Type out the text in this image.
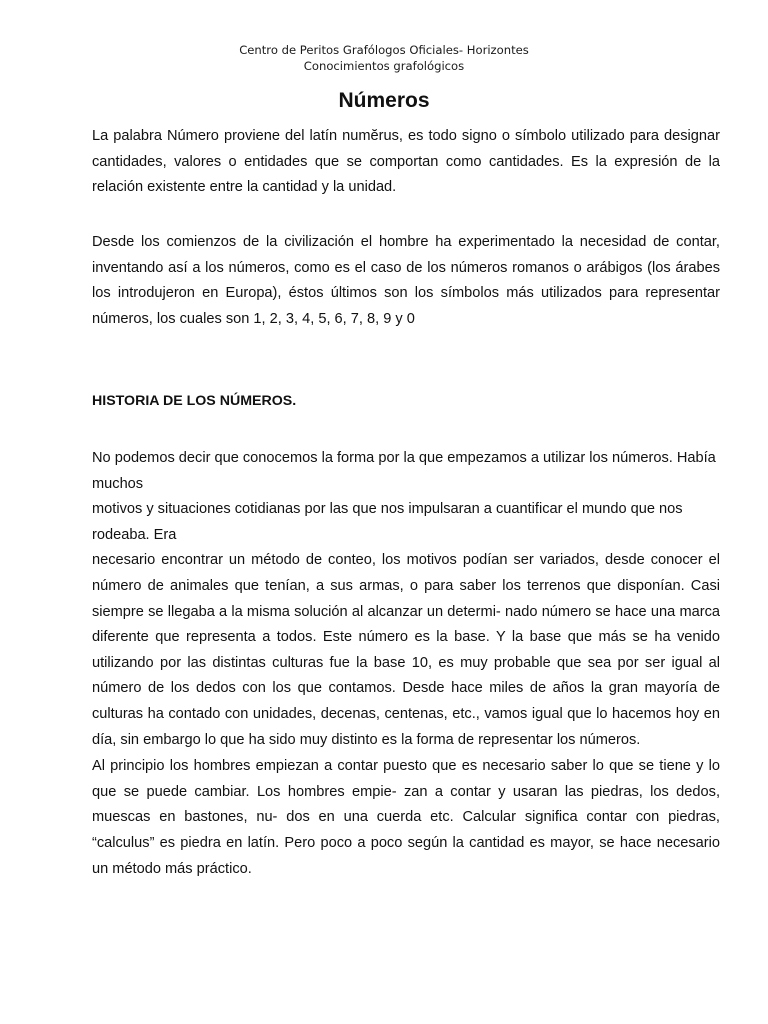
Centro de Peritos Grafólogos Oficiales- Horizontes
Conocimientos grafológicos
Números

La palabra Número proviene del latín numĕrus, es todo signo o símbolo utilizado para designar cantidades, valores o entidades que se comportan como cantidades. Es la expresión de la relación existente entre la cantidad y la unidad.

Desde los comienzos de la civilización el hombre ha experimentado la necesidad de contar, inventando así a los números, como es el caso de los números romanos o arábigos (los árabes los introdujeron en Europa), éstos últimos son los símbolos más utilizados para representar números, los cuales son 1, 2, 3, 4, 5, 6, 7, 8, 9 y 0

HISTORIA DE LOS NÚMEROS.

No podemos decir que conocemos la forma por la que empezamos a utilizar los números. Había muchos

motivos y situaciones cotidianas por las que nos impulsaran a cuantificar el mundo que nos rodeaba. Era

necesario encontrar un método de conteo, los motivos podían ser variados, desde conocer el número de animales que tenían, a sus armas, o para saber los terrenos que disponían. Casi siempre se llegaba a la misma solución al alcanzar un determi- nado número se hace una marca diferente que representa a todos. Este número es la base. Y la base que más se ha venido utilizando por las distintas culturas fue la base 10, es muy probable que sea por ser igual al número de los dedos con los que contamos. Desde hace miles de años la gran mayoría de culturas ha contado con unidades, decenas, centenas, etc., vamos igual que lo hacemos hoy en día, sin embargo lo que ha sido muy distinto es la forma de representar los números.

Al principio los hombres empiezan a contar puesto que es necesario saber lo que se tiene y lo que se puede cambiar. Los hombres empie- zan a contar y usaran las piedras, los dedos, muescas en bastones, nu- dos en una cuerda etc. Calcular significa contar con piedras, “calculus” es piedra en latín. Pero poco a poco según la cantidad es mayor, se hace necesario un método más práctico.
